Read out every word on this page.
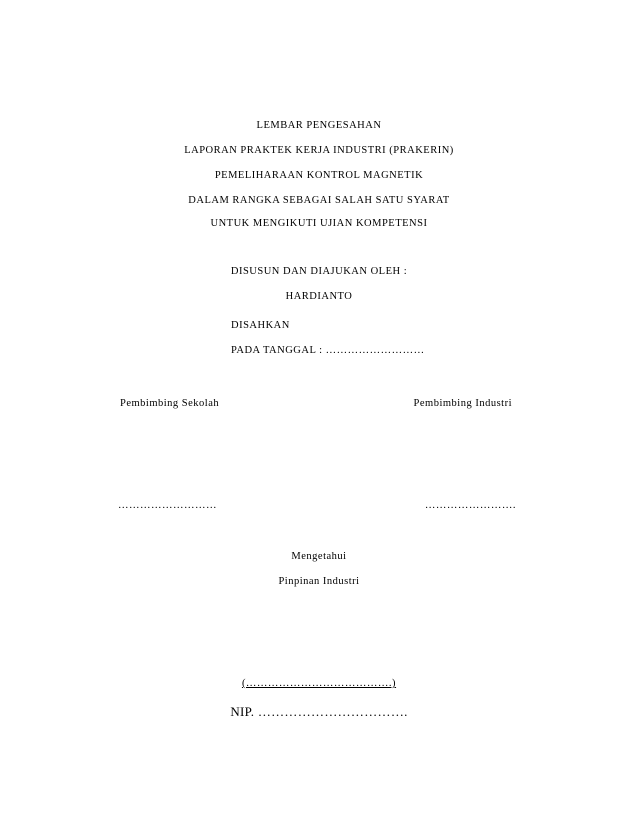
LEMBAR PENGESAHAN
LAPORAN PRAKTEK KERJA INDUSTRI (PRAKERIN)
PEMELIHARAAN KONTROL MAGNETIK
DALAM RANGKA SEBAGAI SALAH SATU SYARAT
UNTUK MENGIKUTI UJIAN KOMPETENSI
DISUSUN DAN DIAJUKAN OLEH :
HARDIANTO
DISAHKAN
PADA TANGGAL : ………………………
Pembimbing Sekolah	Pembimbing Industri
………………………	…………………….
Mengetahui
Pinpinan Industri
(………………………………….)
NIP. …………………………….
